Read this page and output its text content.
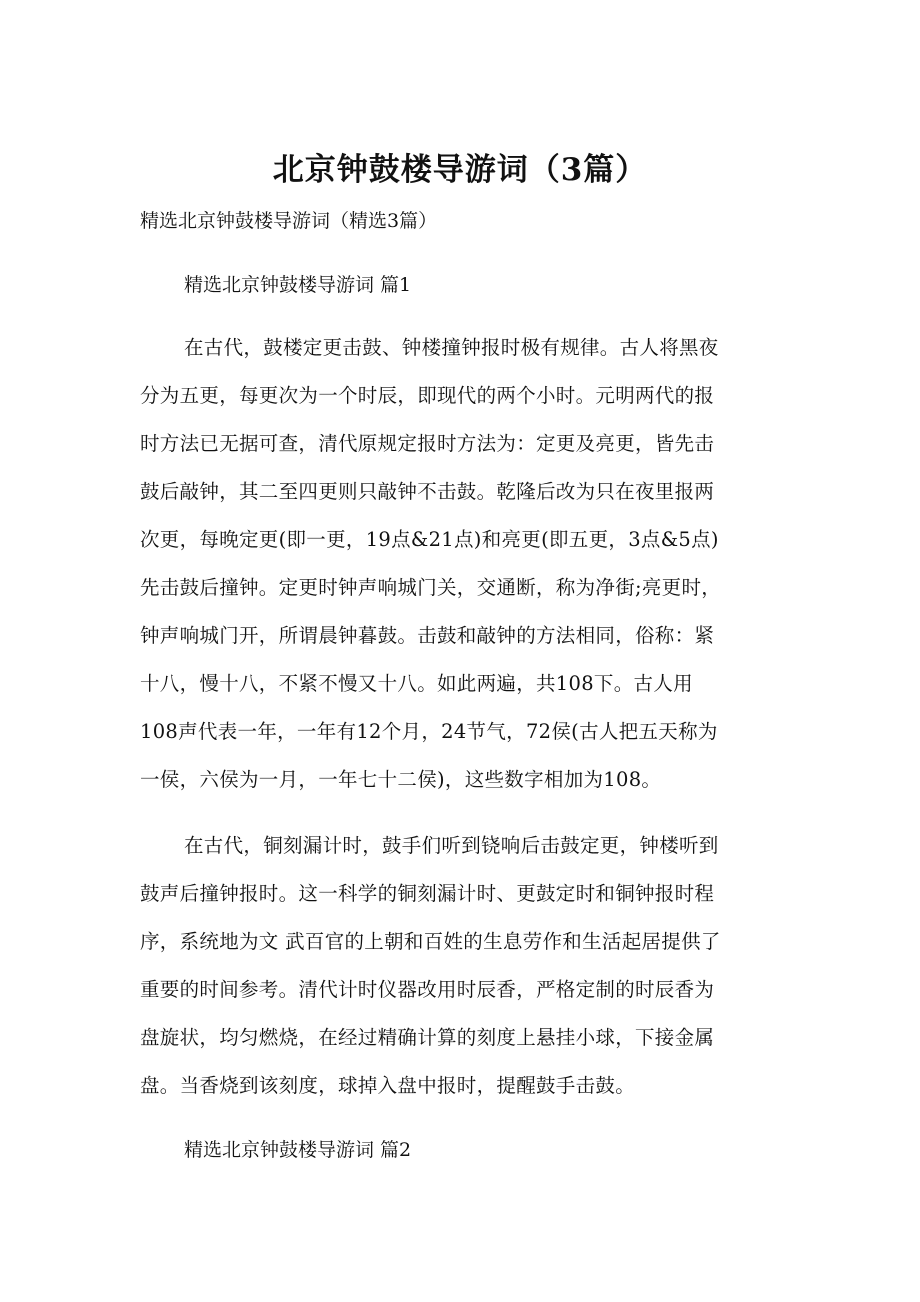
北京钟鼓楼导游词（3篇）
精选北京钟鼓楼导游词（精选3篇）
精选北京钟鼓楼导游词 篇1
在古代，鼓楼定更击鼓、钟楼撞钟报时极有规律。古人将黑夜
分为五更，每更次为一个时辰，即现代的两个小时。元明两代的报
时方法已无据可查，清代原规定报时方法为：定更及亮更，皆先击
鼓后敲钟，其二至四更则只敲钟不击鼓。乾隆后改为只在夜里报两
次更，每晚定更(即一更，19点&21点)和亮更(即五更，3点&5点)
先击鼓后撞钟。定更时钟声响城门关，交通断，称为净街;亮更时，
钟声响城门开，所谓晨钟暮鼓。击鼓和敲钟的方法相同，俗称：紧
十八，慢十八，不紧不慢又十八。如此两遍，共108下。古人用
108声代表一年，一年有12个月，24节气，72侯(古人把五天称为
一侯，六侯为一月，一年七十二侯)，这些数字相加为108。
在古代，铜刻漏计时，鼓手们听到铙响后击鼓定更，钟楼听到
鼓声后撞钟报时。这一科学的铜刻漏计时、更鼓定时和铜钟报时程
序，系统地为文 武百官的上朝和百姓的生息劳作和生活起居提供了
重要的时间参考。清代计时仪器改用时辰香，严格定制的时辰香为
盘旋状，均匀燃烧，在经过精确计算的刻度上悬挂小球，下接金属
盘。当香烧到该刻度，球掉入盘中报时，提醒鼓手击鼓。
精选北京钟鼓楼导游词 篇2
